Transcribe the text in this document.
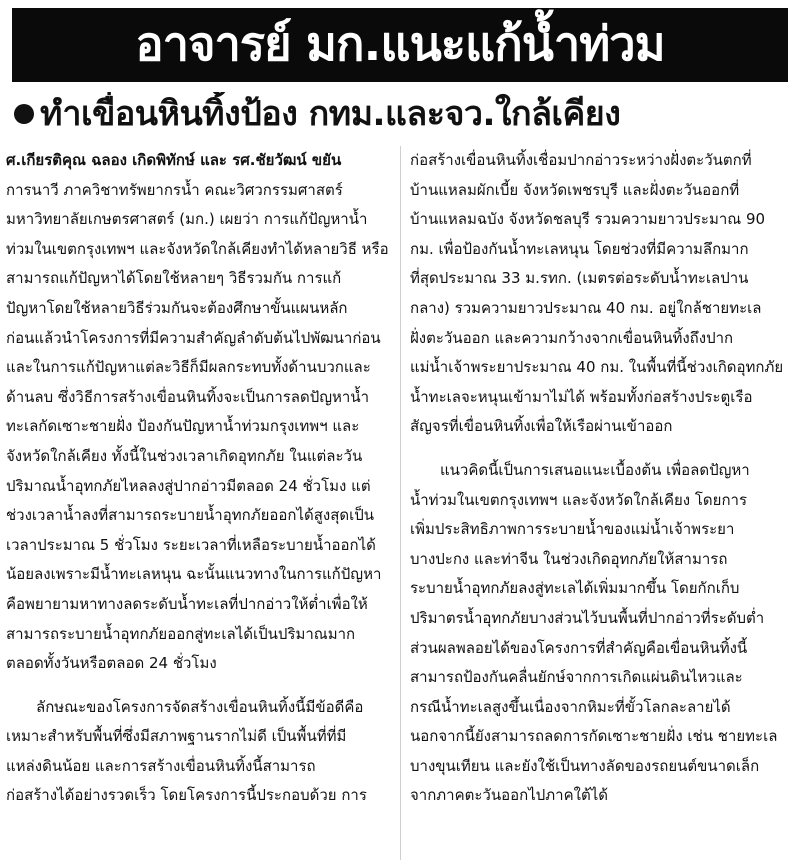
อาจารย์ มก.แนะแก้น้ำท่วม
ทำเขื่อนหินทิ้งป้อง กทม.และจว.ใกล้เคียง
ศ.เกียรติคุณ ฉลอง เกิดพิทักษ์ และ รศ.ชัยวัฒน์ ขยัน
การนาวี ภาควิชาทรัพยากรน้ำ คณะวิศวกรรมศาสตร์
มหาวิทยาลัยเกษตรศาสตร์ (มก.) เผยว่า การแก้ปัญหาน้ำ
ท่วมในเขตกรุงเทพฯ และจังหวัดใกล้เคียงทำได้หลายวิธี หรือ
สามารถแก้ปัญหาได้โดยใช้หลายๆ วิธีรวมกัน การแก้
ปัญหาโดยใช้หลายวิธีร่วมกันจะต้องศึกษาขั้นแผนหลัก
ก่อนแล้วนำโครงการที่มีความสำคัญลำดับต้นไปพัฒนาก่อน
และในการแก้ปัญหาแต่ละวิธีก็มีผลกระทบทั้งด้านบวกและ
ด้านลบ ซึ่งวิธีการสร้างเขื่อนหินทิ้งจะเป็นการลดปัญหาน้ำ
ทะเลกัดเซาะชายฝั่ง ป้องกันปัญหาน้ำท่วมกรุงเทพฯ และ
จังหวัดใกล้เคียง ทั้งนี้ในช่วงเวลาเกิดอุทกภัย ในแต่ละวัน
ปริมาณน้ำอุทกภัยไหลลงสู่ปากอ่าวมีตลอด 24 ชั่วโมง แต่
ช่วงเวลาน้ำลงที่สามารถระบายน้ำอุทกภัยออกได้สูงสุดเป็น
เวลาประมาณ 5 ชั่วโมง ระยะเวลาที่เหลือระบายน้ำออกได้
น้อยลงเพราะมีน้ำทะเลหนุน ฉะนั้นแนวทางในการแก้ปัญหา
คือพยายามหาทางลดระดับน้ำทะเลที่ปากอ่าวให้ต่ำเพื่อให้
สามารถระบายน้ำอุทกภัยออกสู่ทะเลได้เป็นปริมาณมาก
ตลอดทั้งวันหรือตลอด 24 ชั่วโมง
ลักษณะของโครงการจัดสร้างเขื่อนหินทิ้งนี้มีข้อดีคือ
เหมาะสำหรับพื้นที่ซึ่งมีสภาพฐานรากไม่ดี เป็นพื้นที่ที่มี
แหล่งดินน้อย และการสร้างเขื่อนหินทิ้งนี้สามารถ
ก่อสร้างได้อย่างรวดเร็ว โดยโครงการนี้ประกอบด้วย การ
ก่อสร้างเขื่อนหินทิ้งเชื่อมปากอ่าวระหว่างฝั่งตะวันตกที่
บ้านแหลมผักเบี้ย จังหวัดเพชรบุรี และฝั่งตะวันออกที่
บ้านแหลมฉบัง จังหวัดชลบุรี รวมความยาวประมาณ 90
กม. เพื่อป้องกันน้ำทะเลหนุน โดยช่วงที่มีความลึกมาก
ที่สุดประมาณ 33 ม.รทก. (เมตรต่อระดับน้ำทะเลปาน
กลาง) รวมความยาวประมาณ 40 กม. อยู่ใกล้ชายทะเล
ฝั่งตะวันออก และความกว้างจากเขื่อนหินทิ้งถึงปาก
แม่น้ำเจ้าพระยาประมาณ 40 กม. ในพื้นที่นี้ช่วงเกิดอุทกภัย
น้ำทะเลจะหนุนเข้ามาไม่ได้ พร้อมทั้งก่อสร้างประตูเรือ
สัญจรที่เขื่อนหินทิ้งเพื่อให้เรือผ่านเข้าออก
แนวคิดนี้เป็นการเสนอแนะเบื้องต้น เพื่อลดปัญหา
น้ำท่วมในเขตกรุงเทพฯ และจังหวัดใกล้เคียง โดยการ
เพิ่มประสิทธิภาพการระบายน้ำของแม่น้ำเจ้าพระยา
บางปะกง และท่าจีน ในช่วงเกิดอุทกภัยให้สามารถ
ระบายน้ำอุทกภัยลงสู่ทะเลได้เพิ่มมากขึ้น โดยกักเก็บ
ปริมาตรน้ำอุทกภัยบางส่วนไว้บนพื้นที่ปากอ่าวที่ระดับต่ำ
ส่วนผลพลอยได้ของโครงการที่สำคัญคือเขื่อนหินทิ้งนี้
สามารถป้องกันคลื่นยักษ์จากการเกิดแผ่นดินไหวและ
กรณีน้ำทะเลสูงขึ้นเนื่องจากหิมะที่ขั้วโลกละลายได้
นอกจากนี้ยังสามารถลดการกัดเซาะชายฝั่ง เช่น ชายทะเล
บางขุนเทียน และยังใช้เป็นทางลัดของรถยนต์ขนาดเล็ก
จากภาคตะวันออกไปภาคใต้ได้
